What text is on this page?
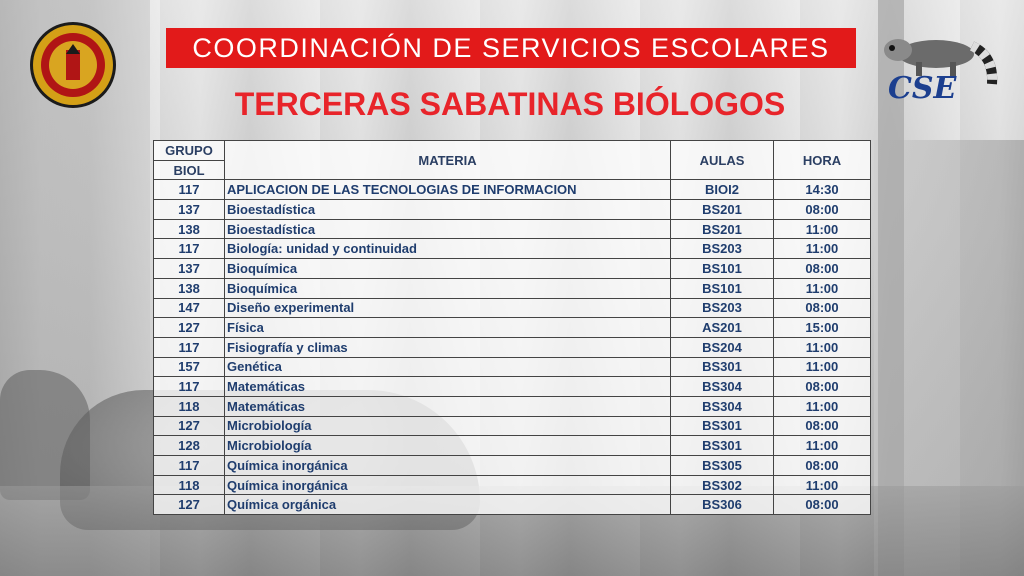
COORDINACIÓN DE SERVICIOS ESCOLARES
CSE
TERCERAS SABATINAS BIÓLOGOS
GRUPO	MATERIA	AULAS	HORA
BIOL			
117	APLICACION DE LAS TECNOLOGIAS DE INFORMACION	BIOI2	14:30
137	Bioestadística	BS201	08:00
138	Bioestadística	BS201	11:00
117	Biología: unidad y continuidad	BS203	11:00
137	Bioquímica	BS101	08:00
138	Bioquímica	BS101	11:00
147	Diseño experimental	BS203	08:00
127	Física	AS201	15:00
117	Fisiografía y climas	BS204	11:00
157	Genética	BS301	11:00
117	Matemáticas	BS304	08:00
118	Matemáticas	BS304	11:00
127	Microbiología	BS301	08:00
128	Microbiología	BS301	11:00
117	Química inorgánica	BS305	08:00
118	Química inorgánica	BS302	11:00
127	Química orgánica	BS306	08:00
